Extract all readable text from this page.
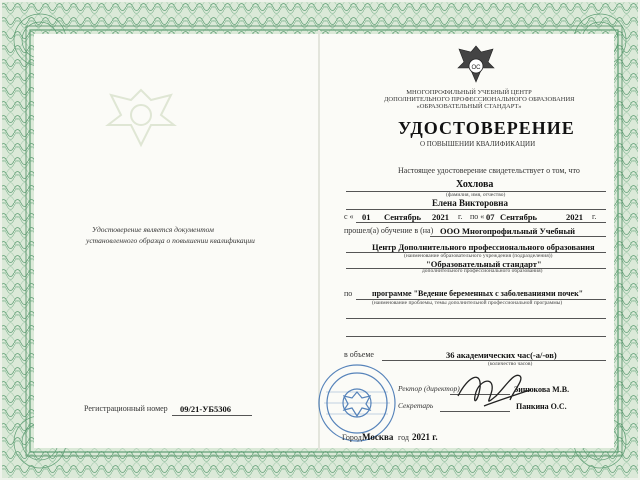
Удостоверение является документом
установленного образца о повышении квалификации
Регистрационный номер 09/21-УБ5306
ОС
МНОГОПРОФИЛЬНЫЙ УЧЕБНЫЙ ЦЕНТР
ДОПОЛНИТЕЛЬНОГО ПРОФЕССИОНАЛЬНОГО ОБРАЗОВАНИЯ
«ОБРАЗОВАТЕЛЬНЫЙ СТАНДАРТ»
УДОСТОВЕРЕНИЕ
О ПОВЫШЕНИИ КВАЛИФИКАЦИИ
Настоящее удостоверение свидетельствует о том, что
Хохлова
(фамилия, имя, отчество)
Елена Викторовна
с « 01 Сентябрь 2021 г. по « 07 Сентябрь	2021 г.
прошел(а) обучение в (на) ООО Многопрофильный Учебный
Центр Дополнительного профессионального образования
(наименование образовательного учреждения (подразделения))
"Образовательный стандарт"
дополнительного профессионального образования)
по программе "Ведение беременных с заболеваниями почек"
(наименование проблемы, темы дополнительной профессиональной программы)
в объеме	36 академических час(-а/-ов)
(количество часов)
Ректор (директор)	Зинюкова М.В.
Секретарь	Панкина О.С.
Город Москва год 2021 г.
